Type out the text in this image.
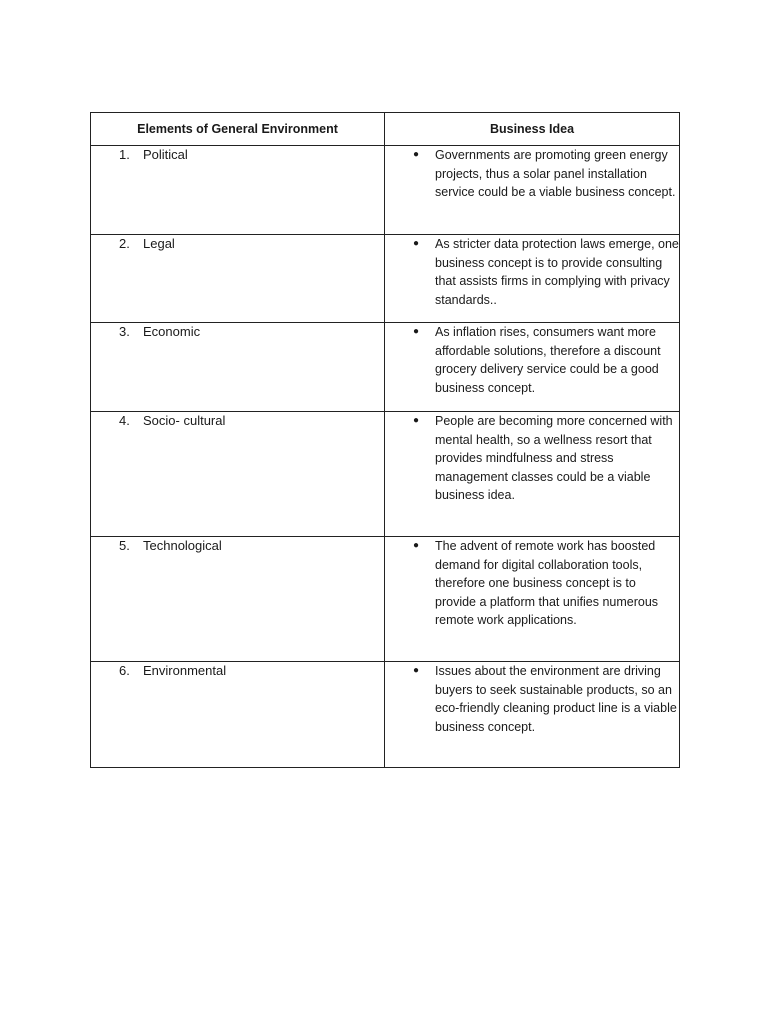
Elements of General Environment	Business Idea

1. Political	● Governments are promoting green energy projects, thus a solar panel installation service could be a viable business concept.

2. Legal	● As stricter data protection laws emerge, one business concept is to provide consulting that assists firms in complying with privacy standards..

3. Economic	● As inflation rises, consumers want more affordable solutions, therefore a discount grocery delivery service could be a good business concept.

4. Socio- cultural	● People are becoming more concerned with mental health, so a wellness resort that provides mindfulness and stress management classes could be a viable business idea.

5. Technological	● The advent of remote work has boosted demand for digital collaboration tools, therefore one business concept is to provide a platform that unifies numerous remote work applications.

6. Environmental	● Issues about the environment are driving buyers to seek sustainable products, so an eco-friendly cleaning product line is a viable business concept.
